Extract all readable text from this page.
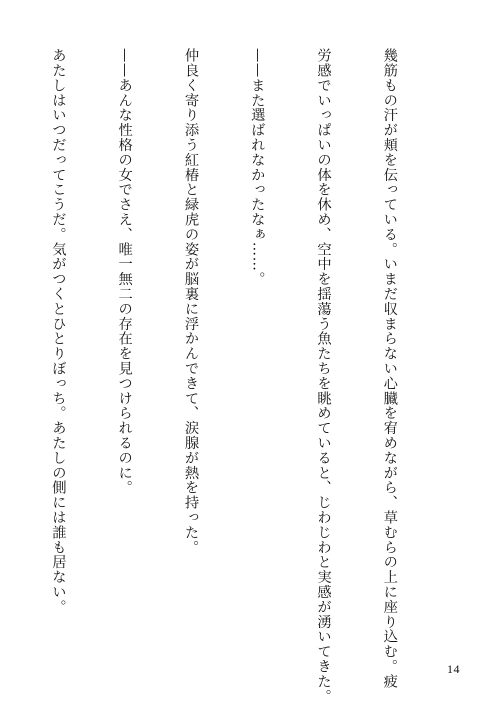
幾筋もの汗が頬を伝っている。いまだ収まらない心臓を宥めながら、草むらの上に座り込む。疲

労感でいっぱいの体を休め、空中を揺蕩う魚たちを眺めていると、じわじわと実感が湧いてきた。

——また選ばれなかったなぁ……。

仲良く寄り添う紅椿と緑虎の姿が脳裏に浮かんできて、涙腺が熱を持った。

——あんな性格の女でさえ、唯一無二の存在を見つけられるのに。

あたしはいつだってこうだ。気がつくとひとりぼっち。あたしの側には誰も居ない。

14
